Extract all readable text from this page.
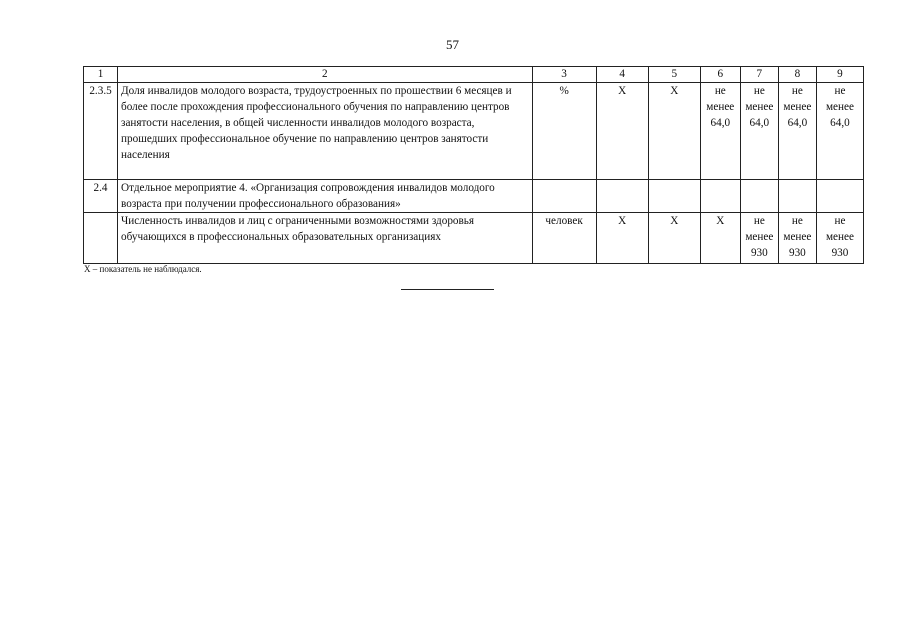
57
1	2	3	4	5	6	7	8	9
2.3.5	Доля инвалидов молодого возраста, трудоустроенных по прошествии 6 месяцев и более после прохождения профессионального обучения по направлению центров занятости населения, в общей численности инвалидов молодого возраста, прошедших профессиональное обучение по направлению центров занятости населения	%	X	X	не менее 64,0	не менее 64,0	не менее 64,0	не менее 64,0
2.4	Отдельное мероприятие 4. «Организация сопровождения инвалидов молодого возраста при получении профессионального образования»							
	Численность инвалидов и лиц с ограниченными возможностями здоровья обучающихся в профессиональных образовательных организациях	человек	X	X	X	не менее 930	не менее 930	не менее 930
X – показатель не наблюдался.
